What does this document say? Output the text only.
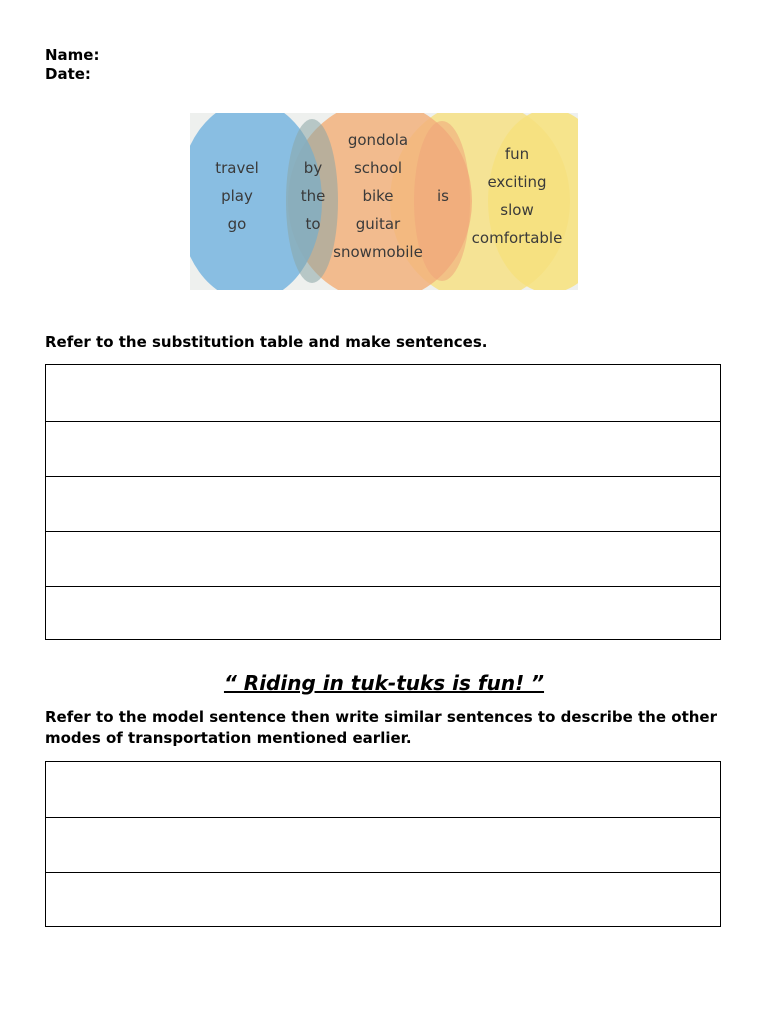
Name:
Date:
travel
play
go
by
the
to
gondola
school
bike
guitar
snowmobile
is
fun
exciting
slow
comfortable
Refer to the substitution table and make sentences.
“ Riding in tuk-tuks is fun! ”
Refer to the model sentence then write similar sentences to describe the other modes of transportation mentioned earlier.
